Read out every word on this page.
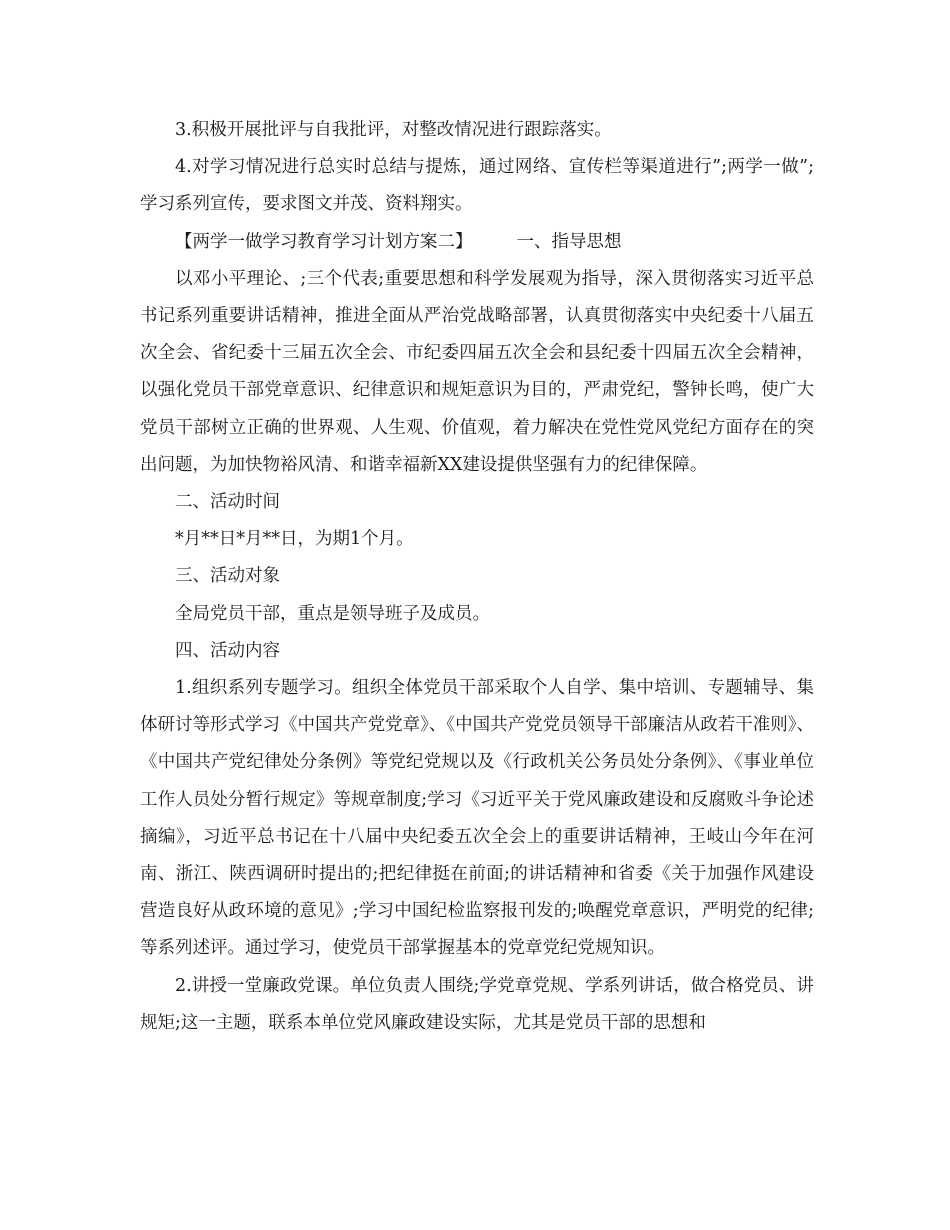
3.积极开展批评与自我批评，对整改情况进行跟踪落实。

4.对学习情况进行总实时总结与提炼，通过网络、宣传栏等渠道进行”;两学一做”;学习系列宣传，要求图文并茂、资料翔实。

【两学一做学习教育学习计划方案二】	一、指导思想

以邓小平理论、;三个代表;重要思想和科学发展观为指导，深入贯彻落实习近平总书记系列重要讲话精神，推进全面从严治党战略部署，认真贯彻落实中央纪委十八届五次全会、省纪委十三届五次全会、市纪委四届五次全会和县纪委十四届五次全会精神，以强化党员干部党章意识、纪律意识和规矩意识为目的，严肃党纪，警钟长鸣，使广大党员干部树立正确的世界观、人生观、价值观，着力解决在党性党风党纪方面存在的突出问题，为加快物裕风清、和谐幸福新XX建设提供坚强有力的纪律保障。

二、活动时间

*月**日*月**日，为期1个月。

三、活动对象

全局党员干部，重点是领导班子及成员。

四、活动内容

1.组织系列专题学习。组织全体党员干部采取个人自学、集中培训、专题辅导、集体研讨等形式学习《中国共产党党章》、《中国共产党党员领导干部廉洁从政若干准则》、《中国共产党纪律处分条例》等党纪党规以及《行政机关公务员处分条例》、《事业单位工作人员处分暂行规定》等规章制度;学习《习近平关于党风廉政建设和反腐败斗争论述摘编》，习近平总书记在十八届中央纪委五次全会上的重要讲话精神，王岐山今年在河南、浙江、陕西调研时提出的;把纪律挺在前面;的讲话精神和省委《关于加强作风建设营造良好从政环境的意见》;学习中国纪检监察报刊发的;唤醒党章意识，严明党的纪律;等系列述评。通过学习，使党员干部掌握基本的党章党纪党规知识。

2.讲授一堂廉政党课。单位负责人围绕;学党章党规、学系列讲话，做合格党员、讲规矩;这一主题，联系本单位党风廉政建设实际，尤其是党员干部的思想和
